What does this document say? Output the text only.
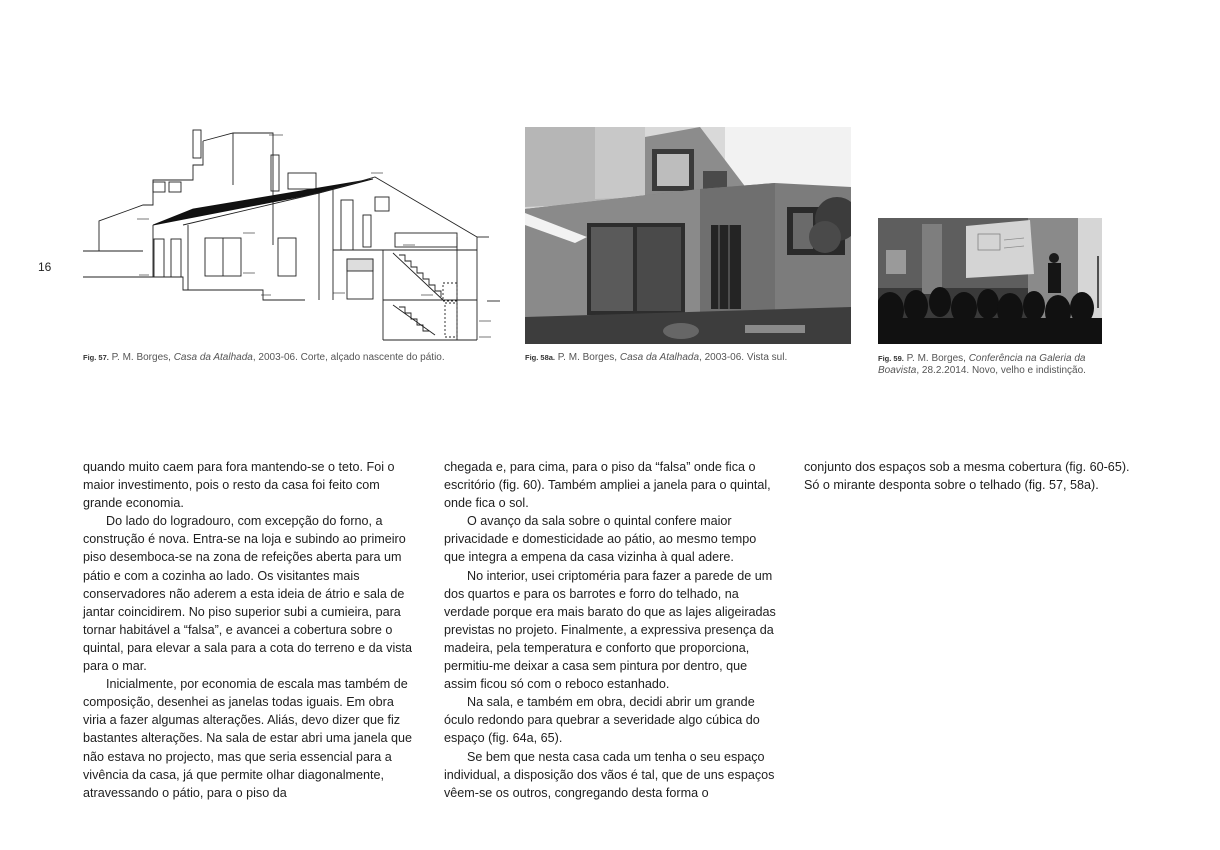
16
Fig. 57. P. M. Borges, Casa da Atalhada, 2003-06. Corte, alçado nascente do pátio.	Fig. 58a. P. M. Borges, Casa da Atalhada, 2003-06. Vista sul.	Fig. 59. P. M. Borges, Conferência na Galeria da Boavista, 28.2.2014. Novo, velho e indistinção.

quando muito caem para fora mantendo-se o teto. Foi o maior investimento, pois o resto da casa foi feito com grande economia.

Do lado do logradouro, com excepção do forno, a construção é nova. Entra-se na loja e subindo ao primeiro piso desemboca-se na zona de refeições aberta para um pátio e com a cozinha ao lado. Os visitantes mais conservadores não aderem a esta ideia de átrio e sala de jantar coincidirem. No piso superior subi a cumieira, para tornar habitável a “falsa”, e avancei a cobertura sobre o quintal, para elevar a sala para a cota do terreno e da vista para o mar.

Inicialmente, por economia de escala mas também de composição, desenhei as janelas todas iguais. Em obra viria a fazer algumas alterações. Aliás, devo dizer que fiz bastantes alterações. Na sala de estar abri uma janela que não estava no projecto, mas que seria essencial para a vivência da casa, já que permite olhar diagonalmente, atravessando o pátio, para o piso da

chegada e, para cima, para o piso da “falsa” onde fica o escritório (fig. 60). Também ampliei a janela para o quintal, onde fica o sol.

O avanço da sala sobre o quintal confere maior privacidade e domesticidade ao pátio, ao mesmo tempo que integra a empena da casa vizinha à qual adere.

No interior, usei criptoméria para fazer a parede de um dos quartos e para os barrotes e forro do telhado, na verdade porque era mais barato do que as lajes aligeiradas previstas no projeto. Finalmente, a expressiva presença da madeira, pela temperatura e conforto que proporciona, permitiu-me deixar a casa sem pintura por dentro, que assim ficou só com o reboco estanhado.

Na sala, e também em obra, decidi abrir um grande óculo redondo para quebrar a severidade algo cúbica do espaço (fig. 64a, 65).

Se bem que nesta casa cada um tenha o seu espaço individual, a disposição dos vãos é tal, que de uns espaços vêem-se os outros, congregando desta forma o

conjunto dos espaços sob a mesma cobertura (fig. 60-65). Só o mirante desponta sobre o telhado (fig. 57, 58a).
